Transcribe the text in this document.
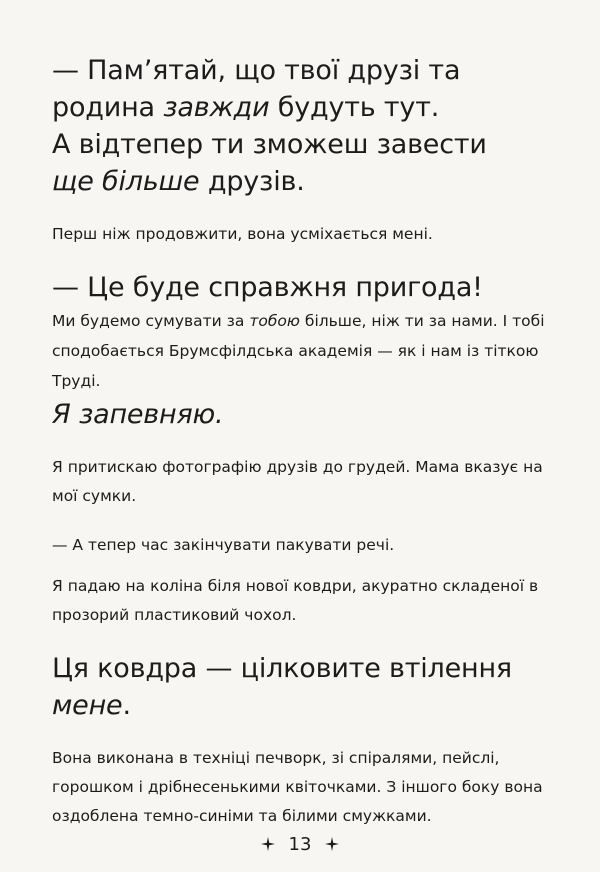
— Пам’ятай, що твої друзі та
родина завжди будуть тут.
А відтепер ти зможеш завести
ще більше друзів.

Перш ніж продовжити, вона усміхається мені.

— Це буде справжня пригода!

Ми будемо сумувати за тобою більше, ніж ти за нами. І тобі сподобається Брумсфілдська академія — як і нам із тіткою Труді.

Я запевняю.

Я притискаю фотографію друзів до грудей. Мама вказує на мої сумки.

— А тепер час закінчувати пакувати речі.

Я падаю на коліна біля нової ковдри, акуратно складеної в прозорий пластиковий чохол.

Ця ковдра — цілковите втілення
мене.

Вона виконана в техніці печворк, зі спіралями, пейслі, горошком і дрібнесенькими квіточками. З іншого боку вона оздоблена темно-синіми та білими смужками.

13
